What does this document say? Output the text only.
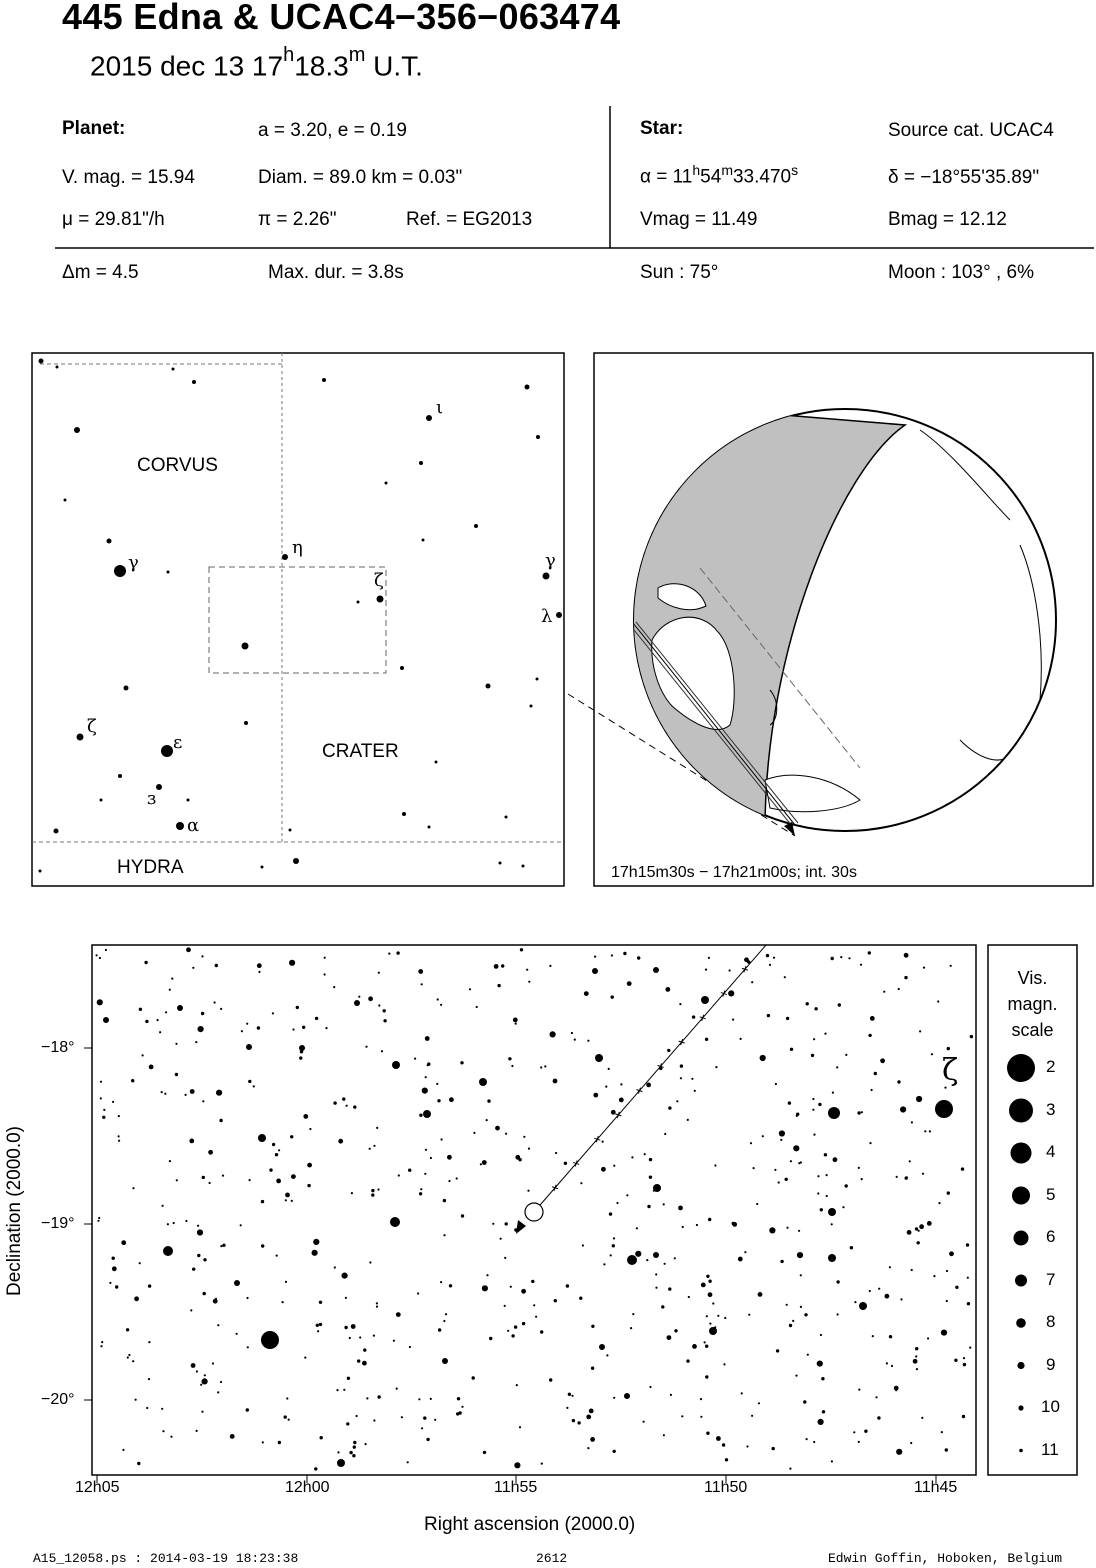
445 Edna & UCAC4−356−063474
2015 dec 13 17$^h$18.3$^m$ U.T.
Planet:	a = 3.20, e = 0.19
V. mag. = 15.94	Diam. = 89.0 km = 0.03"
μ = 29.81"/h	π = 2.26"	Ref. = EG2013
Star:	Source cat. UCAC4
$\alpha = 11^h54^m33.470^s$	δ = −18°55'35.89"
Vmag = 11.49	Bmag = 12.12
Δm = 4.5	Max. dur. = 3.8s	Sun : 75°	Moon : 103° , 6%
CORVUS
CRATER
HYDRA
ι
η
γ
ζ
γ
λ
ζ
ε
ɜ
α
17h15m30s − 17h21m00s; int. 30s
ζ
12h05	12h00	11h55	11h50	11h45
−18°
−19°
−20°
Right ascension (2000.0)
Declination (2000.0)
Vis.
magn.
scale
2
3
4
5
6
7
8
9
10
11
A15_12058.ps : 2014-03-19 18:23:38	2612	Edwin Goffin, Hoboken, Belgium
